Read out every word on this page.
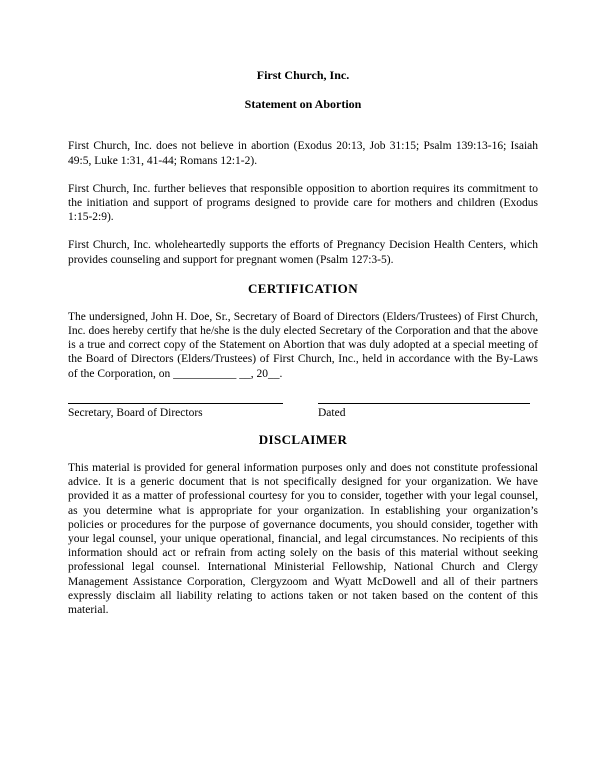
First Church, Inc.
Statement on Abortion

First Church, Inc. does not believe in abortion (Exodus 20:13, Job 31:15; Psalm 139:13-16; Isaiah 49:5, Luke 1:31, 41-44; Romans 12:1-2).

First Church, Inc. further believes that responsible opposition to abortion requires its commitment to the initiation and support of programs designed to provide care for mothers and children (Exodus 1:15-2:9).

First Church, Inc. wholeheartedly supports the efforts of Pregnancy Decision Health Centers, which provides counseling and support for pregnant women (Psalm 127:3-5).

CERTIFICATION

The undersigned, John H. Doe, Sr., Secretary of Board of Directors (Elders/Trustees) of First Church, Inc. does hereby certify that he/she is the duly elected Secretary of the Corporation and that the above is a true and correct copy of the Statement on Abortion that was duly adopted at a special meeting of the Board of Directors (Elders/Trustees) of First Church, Inc., held in accordance with the By-Laws of the Corporation, on ___________ __, 20__.

Secretary, Board of Directors	Dated
DISCLAIMER

This material is provided for general information purposes only and does not constitute professional advice. It is a generic document that is not specifically designed for your organization. We have provided it as a matter of professional courtesy for you to consider, together with your legal counsel, as you determine what is appropriate for your organization. In establishing your organization’s policies or procedures for the purpose of governance documents, you should consider, together with your legal counsel, your unique operational, financial, and legal circumstances. No recipients of this information should act or refrain from acting solely on the basis of this material without seeking professional legal counsel. International Ministerial Fellowship, National Church and Clergy Management Assistance Corporation, Clergyzoom and Wyatt McDowell and all of their partners expressly disclaim all liability relating to actions taken or not taken based on the content of this material.
